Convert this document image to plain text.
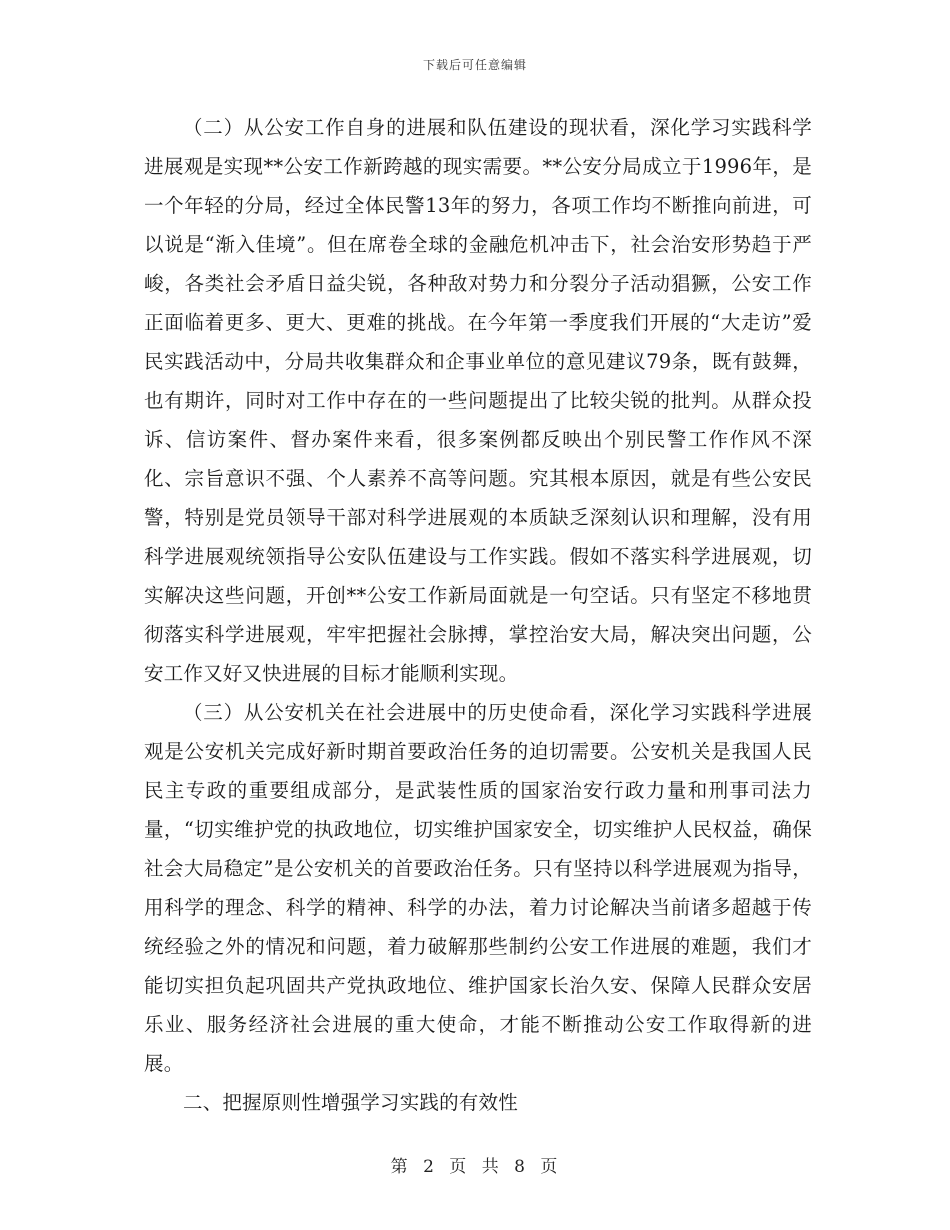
下载后可任意编辑

（二）从公安工作自身的进展和队伍建设的现状看，深化学习实践科学进展观是实现**公安工作新跨越的现实需要。**公安分局成立于1996年，是一个年轻的分局，经过全体民警13年的努力，各项工作均不断推向前进，可以说是“渐入佳境”。但在席卷全球的金融危机冲击下，社会治安形势趋于严峻，各类社会矛盾日益尖锐，各种敌对势力和分裂分子活动猖獗，公安工作正面临着更多、更大、更难的挑战。在今年第一季度我们开展的“大走访”爱民实践活动中，分局共收集群众和企事业单位的意见建议79条，既有鼓舞，也有期许，同时对工作中存在的一些问题提出了比较尖锐的批判。从群众投诉、信访案件、督办案件来看，很多案例都反映出个别民警工作作风不深化、宗旨意识不强、个人素养不高等问题。究其根本原因，就是有些公安民警，特别是党员领导干部对科学进展观的本质缺乏深刻认识和理解，没有用科学进展观统领指导公安队伍建设与工作实践。假如不落实科学进展观，切实解决这些问题，开创**公安工作新局面就是一句空话。只有坚定不移地贯彻落实科学进展观，牢牢把握社会脉搏，掌控治安大局，解决突出问题，公安工作又好又快进展的目标才能顺利实现。

（三）从公安机关在社会进展中的历史使命看，深化学习实践科学进展观是公安机关完成好新时期首要政治任务的迫切需要。公安机关是我国人民民主专政的重要组成部分，是武装性质的国家治安行政力量和刑事司法力量，“切实维护党的执政地位，切实维护国家安全，切实维护人民权益，确保社会大局稳定”是公安机关的首要政治任务。只有坚持以科学进展观为指导，用科学的理念、科学的精神、科学的办法，着力讨论解决当前诸多超越于传统经验之外的情况和问题，着力破解那些制约公安工作进展的难题，我们才能切实担负起巩固共产党执政地位、维护国家长治久安、保障人民群众安居乐业、服务经济社会进展的重大使命，才能不断推动公安工作取得新的进展。

二、把握原则性增强学习实践的有效性

第 2 页 共 8 页
